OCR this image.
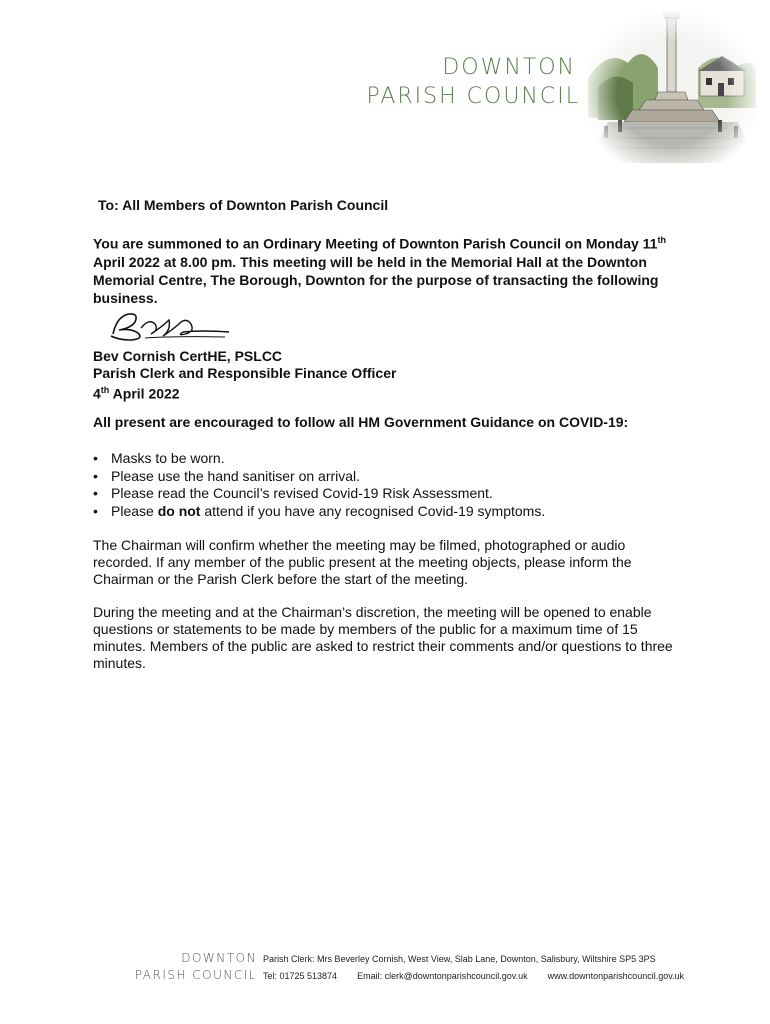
DOWNTON
PARISH COUNCIL
To: All Members of Downton Parish Council
You are summoned to an Ordinary Meeting of Downton Parish Council on Monday 11th April 2022 at 8.00 pm. This meeting will be held in the Memorial Hall at the Downton Memorial Centre, The Borough, Downton for the purpose of transacting the following business.
Bev Cornish CertHE, PSLCC
Parish Clerk and Responsible Finance Officer
4th April 2022
All present are encouraged to follow all HM Government Guidance on COVID-19:
• Masks to be worn.
• Please use the hand sanitiser on arrival.
• Please read the Council’s revised Covid-19 Risk Assessment.
• Please do not attend if you have any recognised Covid-19 symptoms.
The Chairman will confirm whether the meeting may be filmed, photographed or audio recorded. If any member of the public present at the meeting objects, please inform the Chairman or the Parish Clerk before the start of the meeting.
During the meeting and at the Chairman’s discretion, the meeting will be opened to enable questions or statements to be made by members of the public for a maximum time of 15 minutes. Members of the public are asked to restrict their comments and/or questions to three minutes.
DOWNTON
PARISH COUNCIL
Parish Clerk: Mrs Beverley Cornish, West View, Slab Lane, Downton, Salisbury, Wiltshire SP5 3PS
Tel: 01725 513874 Email: clerk@downtonparishcouncil.gov.uk www.downtonparishcouncil.gov.uk
